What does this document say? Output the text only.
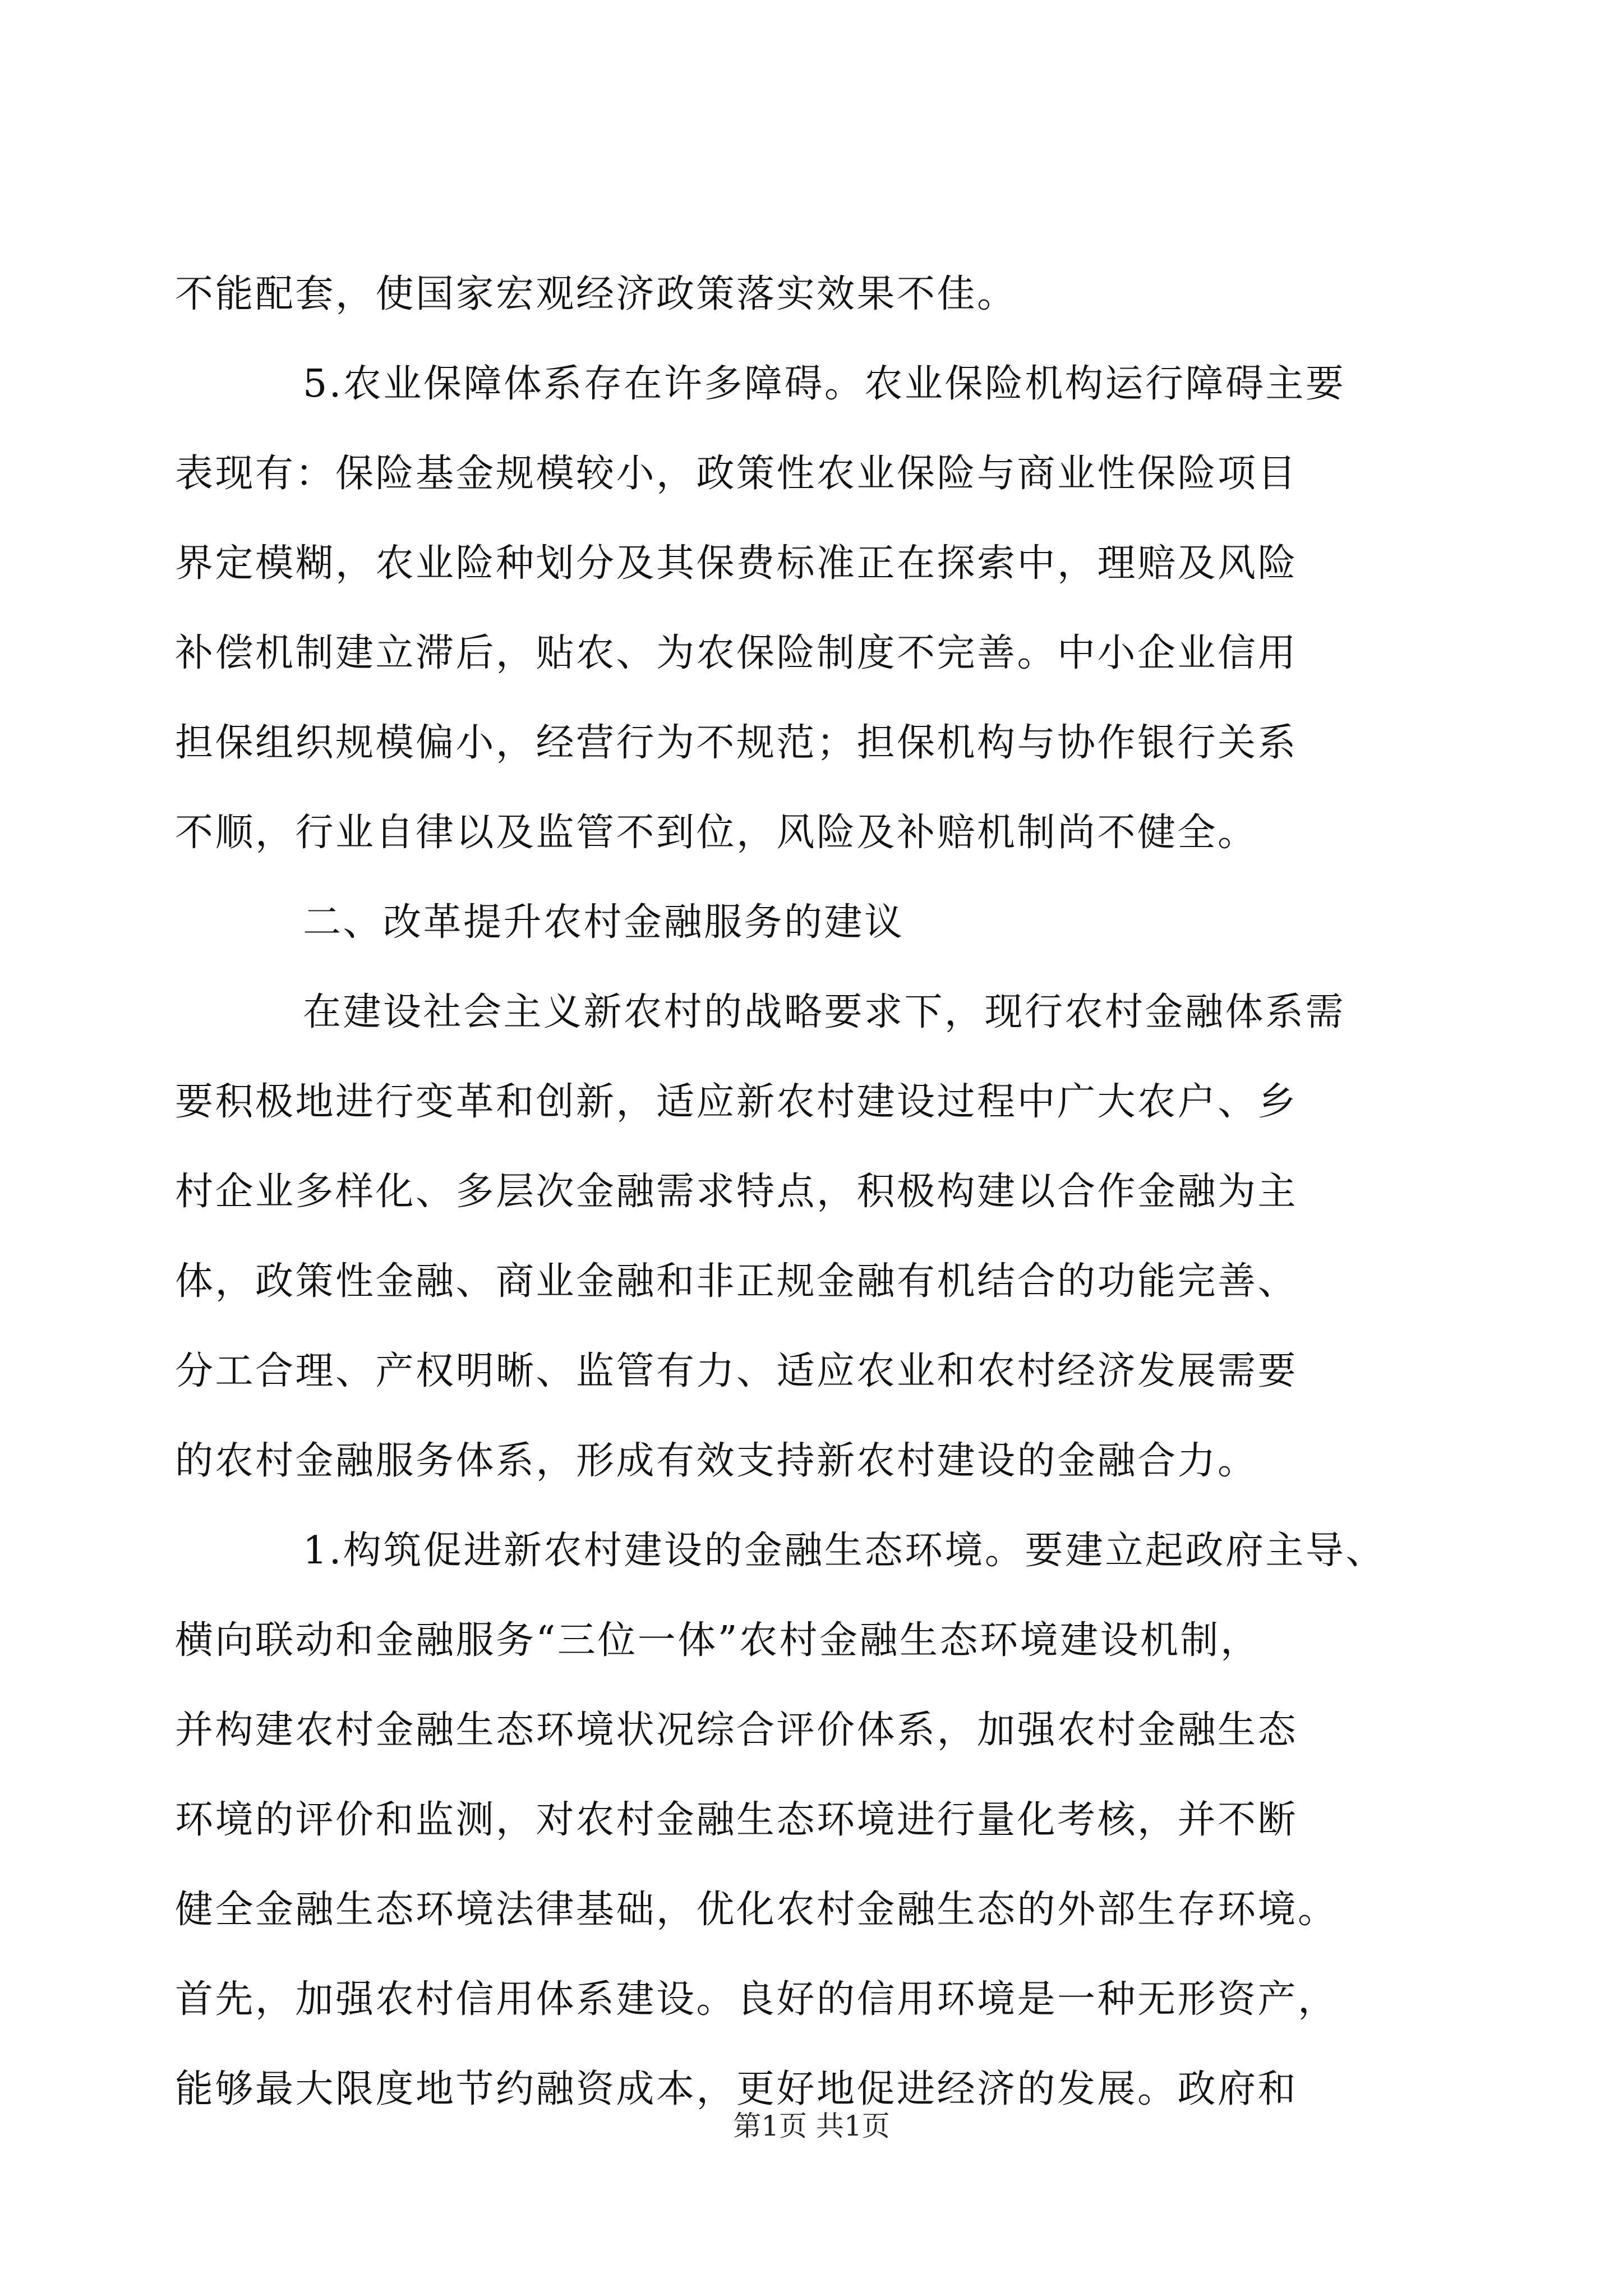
不能配套，使国家宏观经济政策落实效果不佳。
5.农业保障体系存在许多障碍。农业保险机构运行障碍主要
表现有：保险基金规模较小，政策性农业保险与商业性保险项目
界定模糊，农业险种划分及其保费标准正在探索中，理赔及风险
补偿机制建立滞后，贴农、为农保险制度不完善。中小企业信用
担保组织规模偏小，经营行为不规范；担保机构与协作银行关系
不顺，行业自律以及监管不到位，风险及补赔机制尚不健全。
二、改革提升农村金融服务的建议
在建设社会主义新农村的战略要求下，现行农村金融体系需
要积极地进行变革和创新，适应新农村建设过程中广大农户、乡
村企业多样化、多层次金融需求特点，积极构建以合作金融为主
体，政策性金融、商业金融和非正规金融有机结合的功能完善、
分工合理、产权明晰、监管有力、适应农业和农村经济发展需要
的农村金融服务体系，形成有效支持新农村建设的金融合力。
1.构筑促进新农村建设的金融生态环境。要建立起政府主导、
横向联动和金融服务“三位一体”农村金融生态环境建设机制，
并构建农村金融生态环境状况综合评价体系，加强农村金融生态
环境的评价和监测，对农村金融生态环境进行量化考核，并不断
健全金融生态环境法律基础，优化农村金融生态的外部生存环境。
首先，加强农村信用体系建设。良好的信用环境是一种无形资产，
能够最大限度地节约融资成本，更好地促进经济的发展。政府和
第1页 共1页
